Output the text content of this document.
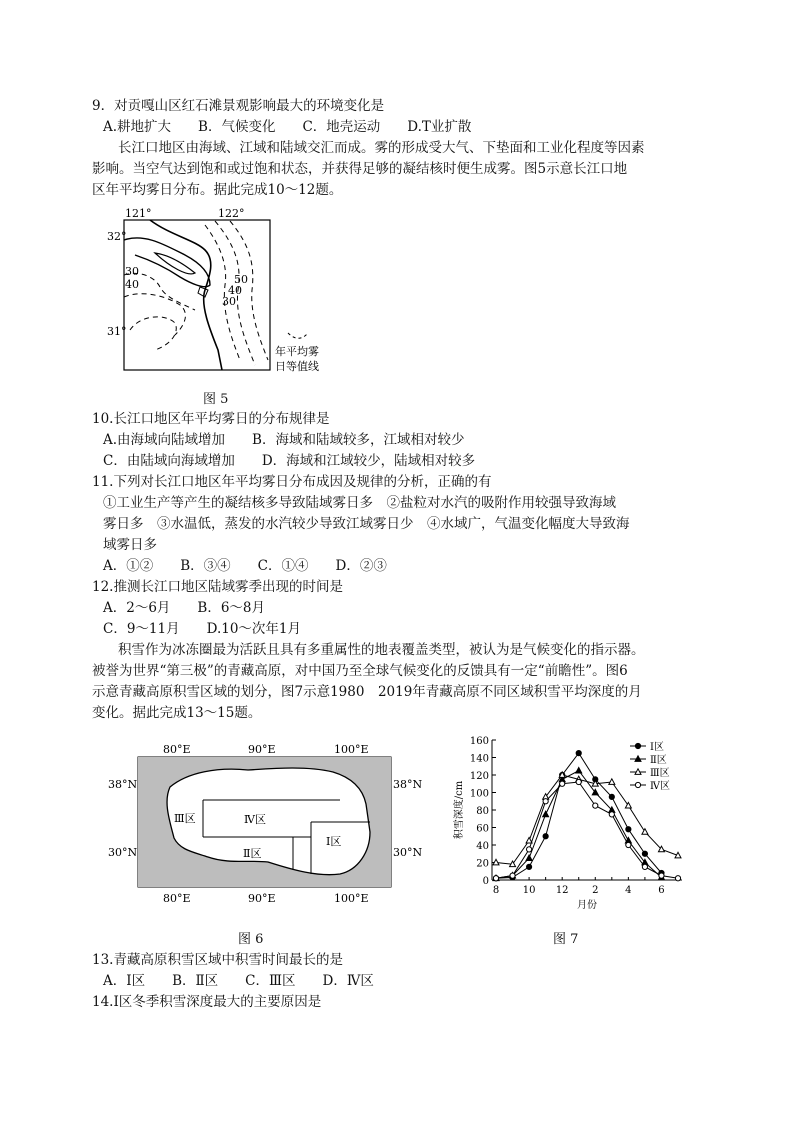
9．对贡嘎山区红石滩景观影响最大的环境变化是
A.耕地扩大　　B．气候变化　　C．地壳运动　　D.T业扩散
长江口地区由海域、江域和陆域交汇而成。雾的形成受大气、下垫面和工业化程度等因素
影响。当空气达到饱和或过饱和状态，并获得足够的凝结核时便生成雾。图5示意长江口地
区年平均雾日分布。据此完成10～12题。
10.长江口地区年平均雾日的分布规律是
A.由海域向陆域增加　　B．海域和陆域较多，江域相对较少
C．由陆域向海域增加　　D．海域和江域较少，陆域相对较多
11.下列对长江口地区年平均雾日分布成因及规律的分析，正确的有
①工业生产等产生的凝结核多导致陆域雾日多　②盐粒对水汽的吸附作用较强导致海域
雾日多　③水温低，蒸发的水汽较少导致江域雾日少　④水域广，气温变化幅度大导致海
域雾日多
A．①②　　B．③④　　C．①④　　D．②③
12.推测长江口地区陆域雾季出现的时间是
A．2～6月　　B．6～8月
C．9～11月　　D.10～次年1月
积雪作为冰冻圈最为活跃且具有多重属性的地表覆盖类型，被认为是气候变化的指示器。
被誉为世界“第三极”的青藏高原，对中国乃至全球气候变化的反馈具有一定“前瞻性”。图6
示意青藏高原积雪区域的划分，图7示意1980　2019年青藏高原不同区域积雪平均深度的月
变化。据此完成13～15题。
13.青藏高原积雪区域中积雪时间最长的是
A．I区　　B．Ⅱ区　　C．Ⅲ区　　D．Ⅳ区
14.I区冬季积雪深度最大的主要原因是
121°	122°
32°
31°
30
40	50
40
30
年平均雾
日等值线
图 5
80°E	90°E	100°E
38°N
30°N
38°N
30°N
Ⅲ区	Ⅳ区
Ⅱ区
Ⅰ区
80°E	90°E	100°E
图 6
0
20
40
60
80
100
120
140
160
8 10 12 2	4	6
月份
积雪深度/cm
Ⅰ区
Ⅱ区
Ⅲ区
Ⅳ区
图 7
